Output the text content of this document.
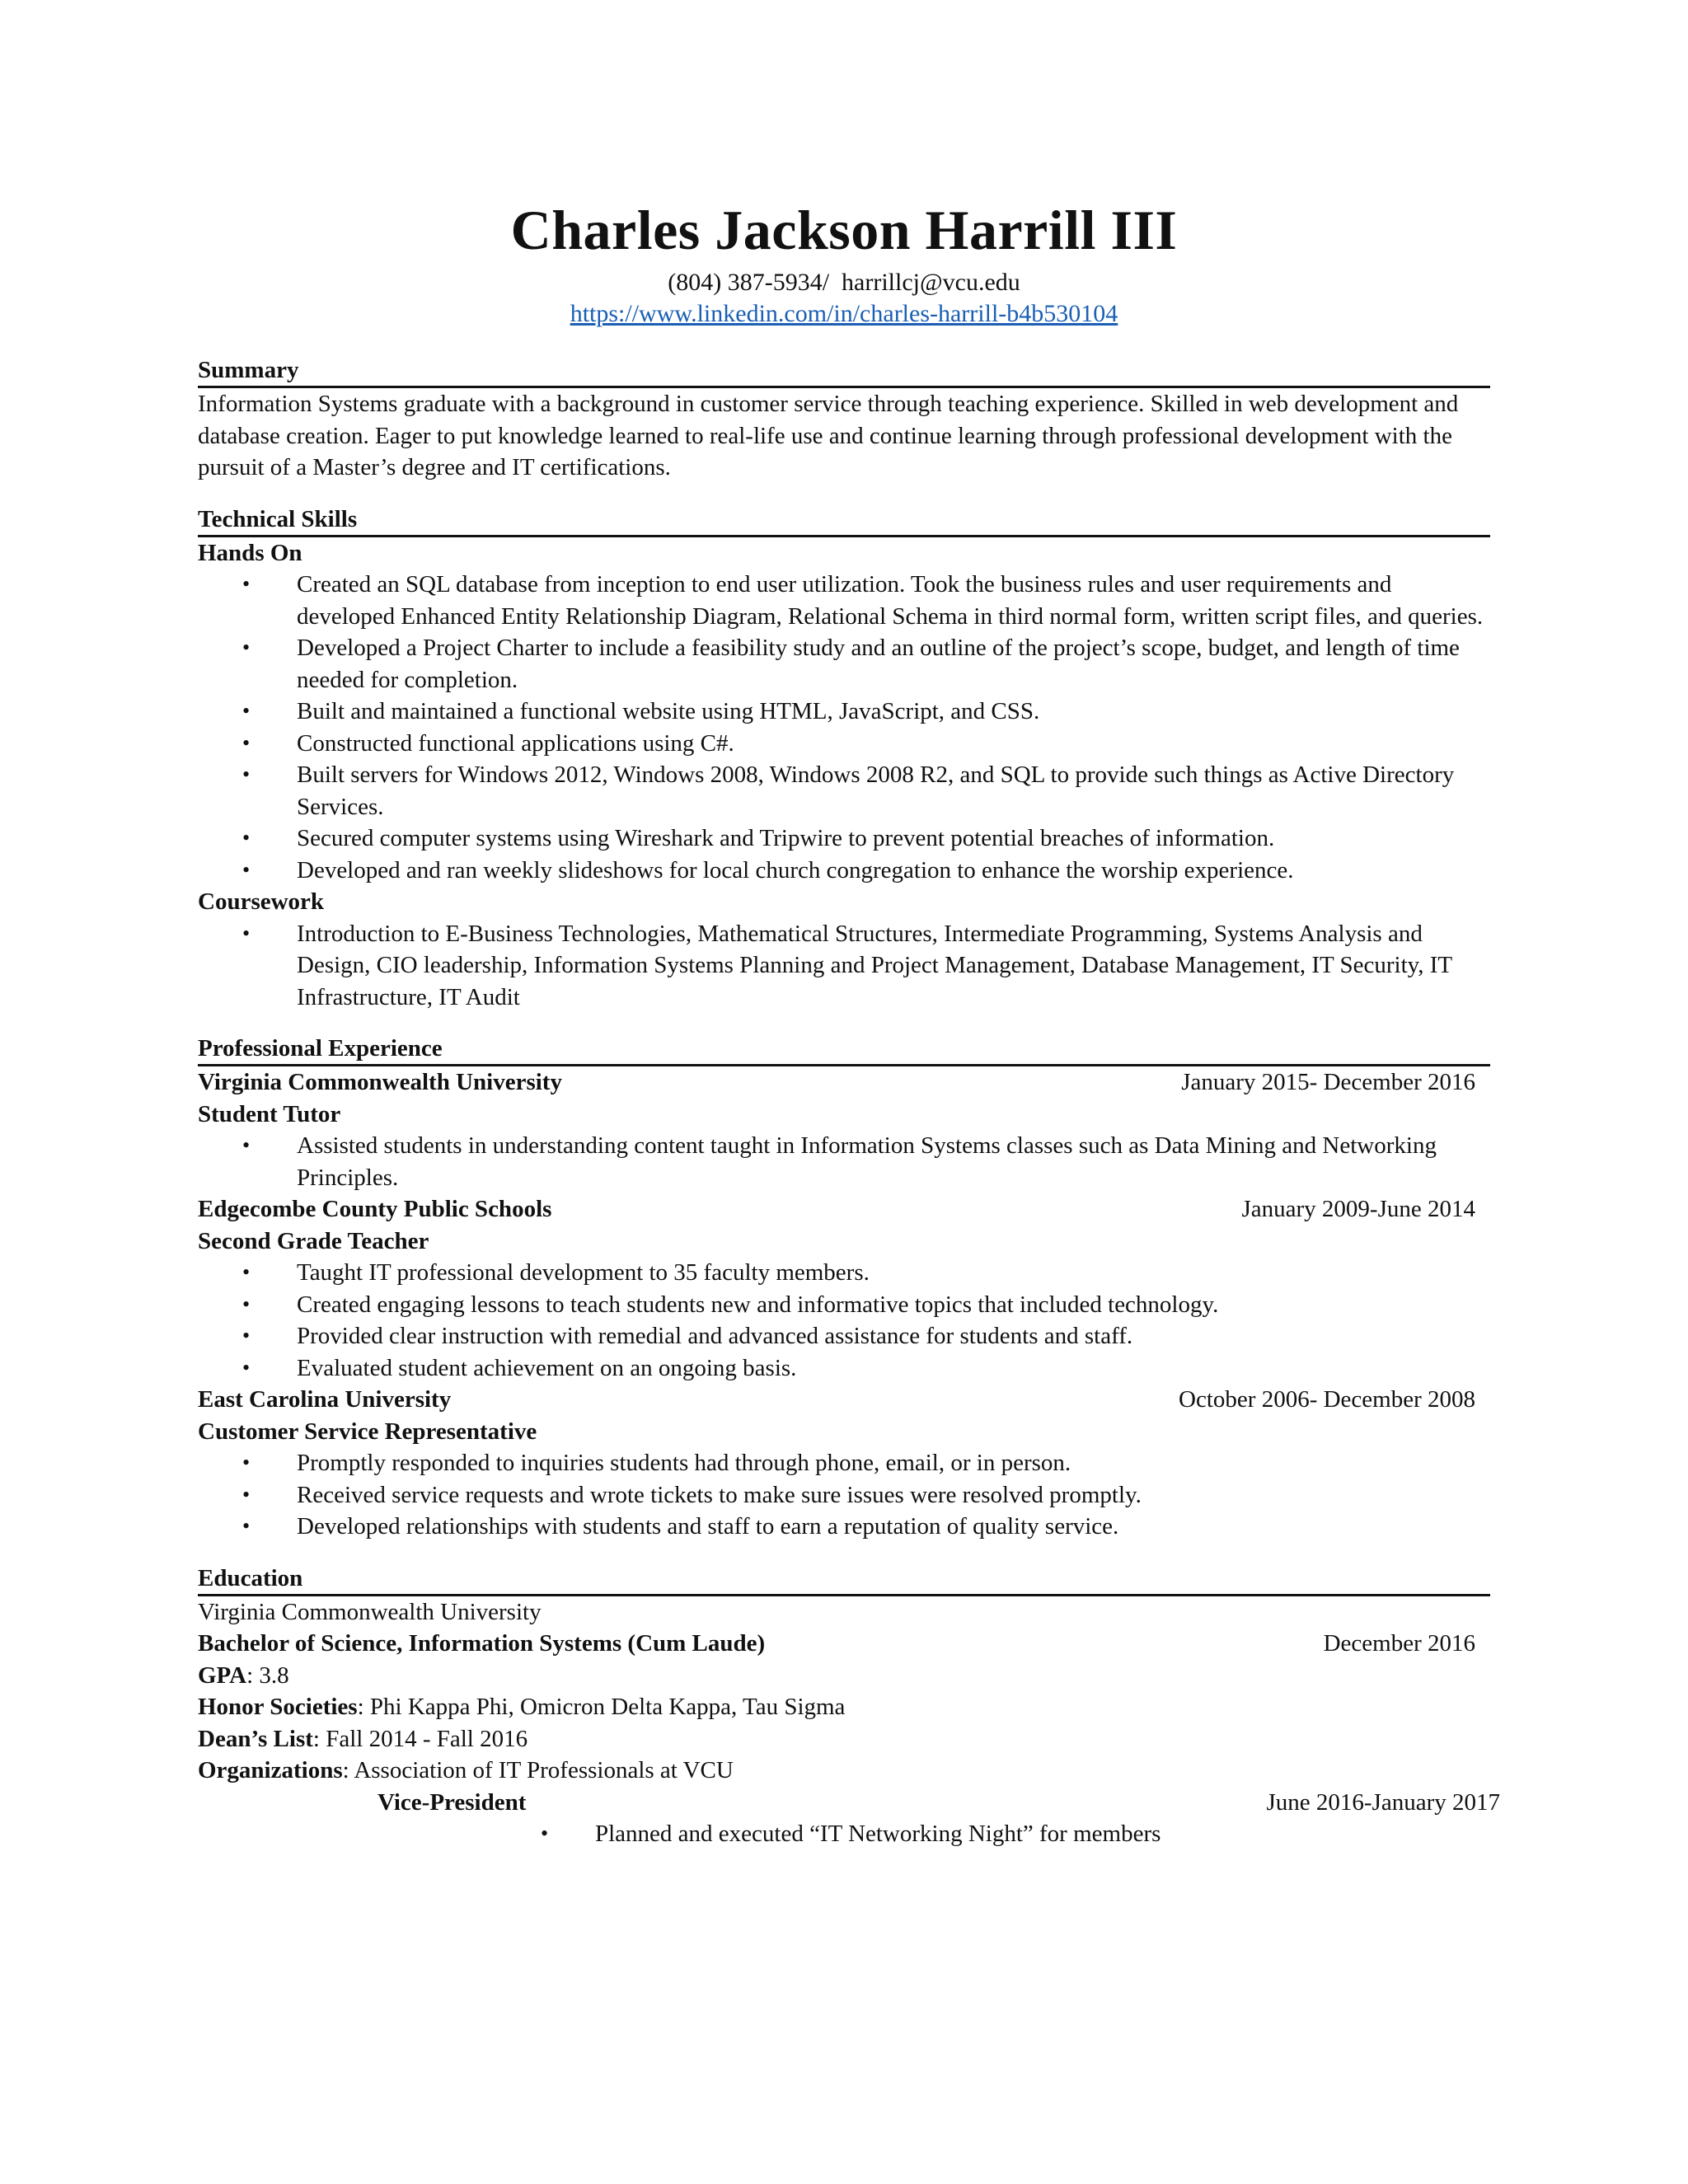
Charles Jackson Harrill III
(804) 387-5934/ harrillcj@vcu.edu
https://www.linkedin.com/in/charles-harrill-b4b530104
Summary

Information Systems graduate with a background in customer service through teaching experience. Skilled in web development and database creation. Eager to put knowledge learned to real-life use and continue learning through professional development with the pursuit of a Master’s degree and IT certifications.

Technical Skills
Hands On
• Created an SQL database from inception to end user utilization. Took the business rules and user requirements and developed Enhanced Entity Relationship Diagram, Relational Schema in third normal form, written script files, and queries.
• Developed a Project Charter to include a feasibility study and an outline of the project’s scope, budget, and length of time needed for completion.
• Built and maintained a functional website using HTML, JavaScript, and CSS.
• Constructed functional applications using C#.
• Built servers for Windows 2012, Windows 2008, Windows 2008 R2, and SQL to provide such things as Active Directory Services.
• Secured computer systems using Wireshark and Tripwire to prevent potential breaches of information.
• Developed and ran weekly slideshows for local church congregation to enhance the worship experience.
Coursework
• Introduction to E-Business Technologies, Mathematical Structures, Intermediate Programming, Systems Analysis and Design, CIO leadership, Information Systems Planning and Project Management, Database Management, IT Security, IT Infrastructure, IT Audit
Professional Experience
Virginia Commonwealth University	January 2015- December 2016
Student Tutor
• Assisted students in understanding content taught in Information Systems classes such as Data Mining and Networking Principles.
Edgecombe County Public Schools	January 2009-June 2014
Second Grade Teacher
• Taught IT professional development to 35 faculty members.
• Created engaging lessons to teach students new and informative topics that included technology.
• Provided clear instruction with remedial and advanced assistance for students and staff.
• Evaluated student achievement on an ongoing basis.
East Carolina University	October 2006- December 2008
Customer Service Representative
• Promptly responded to inquiries students had through phone, email, or in person.
• Received service requests and wrote tickets to make sure issues were resolved promptly.
• Developed relationships with students and staff to earn a reputation of quality service.
Education
Virginia Commonwealth University
Bachelor of Science, Information Systems (Cum Laude)	December 2016
GPA: 3.8
Honor Societies: Phi Kappa Phi, Omicron Delta Kappa, Tau Sigma
Dean’s List: Fall 2014 - Fall 2016
Organizations: Association of IT Professionals at VCU
Vice-President	June 2016-January 2017
• Planned and executed “IT Networking Night” for members
